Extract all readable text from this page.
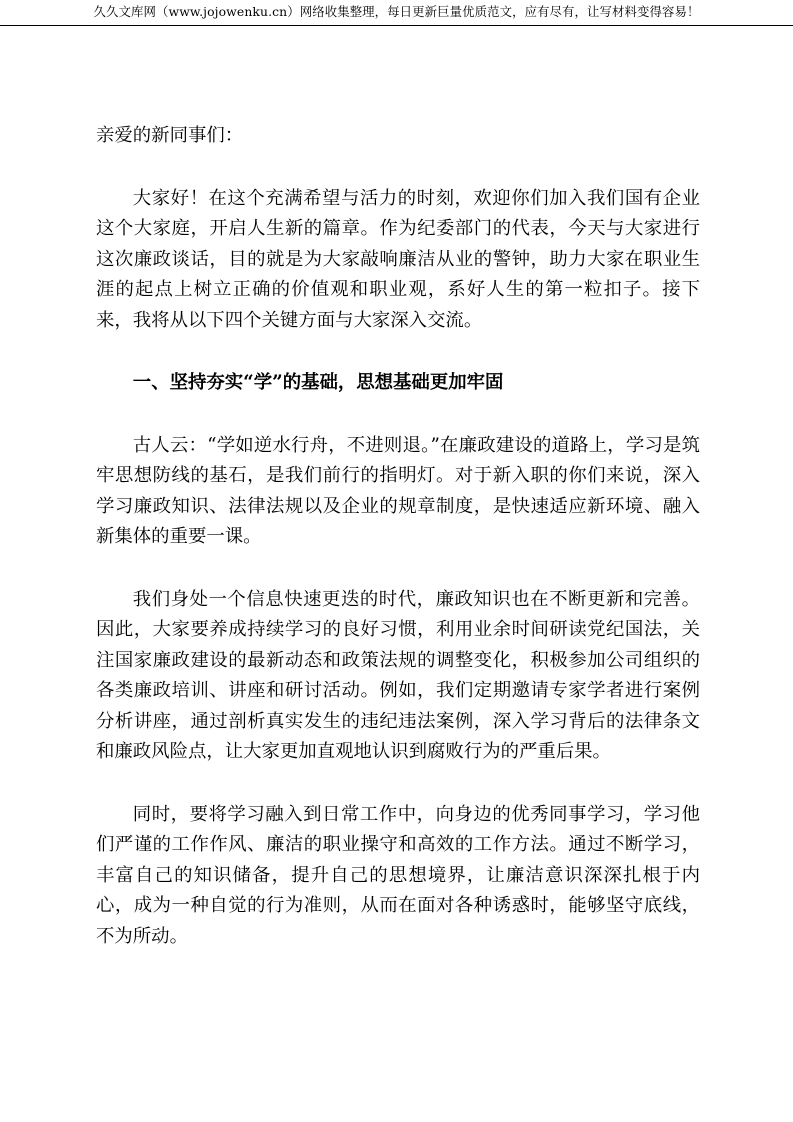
久久文库网（www.jojowenku.cn）网络收集整理，每日更新巨量优质范文，应有尽有，让写材料变得容易！

亲爱的新同事们：

大家好！在这个充满希望与活力的时刻，欢迎你们加入我们国有企业这个大家庭，开启人生新的篇章。作为纪委部门的代表，今天与大家进行这次廉政谈话，目的就是为大家敲响廉洁从业的警钟，助力大家在职业生涯的起点上树立正确的价值观和职业观，系好人生的第一粒扣子。接下来，我将从以下四个关键方面与大家深入交流。

一、坚持夯实“学”的基础，思想基础更加牢固

古人云：“学如逆水行舟，不进则退。”在廉政建设的道路上，学习是筑牢思想防线的基石，是我们前行的指明灯。对于新入职的你们来说，深入学习廉政知识、法律法规以及企业的规章制度，是快速适应新环境、融入新集体的重要一课。

我们身处一个信息快速更迭的时代，廉政知识也在不断更新和完善。因此，大家要养成持续学习的良好习惯，利用业余时间研读党纪国法，关注国家廉政建设的最新动态和政策法规的调整变化，积极参加公司组织的各类廉政培训、讲座和研讨活动。例如，我们定期邀请专家学者进行案例分析讲座，通过剖析真实发生的违纪违法案例，深入学习背后的法律条文和廉政风险点，让大家更加直观地认识到腐败行为的严重后果。

同时，要将学习融入到日常工作中，向身边的优秀同事学习，学习他们严谨的工作作风、廉洁的职业操守和高效的工作方法。通过不断学习，丰富自己的知识储备，提升自己的思想境界，让廉洁意识深深扎根于内心，成为一种自觉的行为准则，从而在面对各种诱惑时，能够坚守底线，不为所动。
